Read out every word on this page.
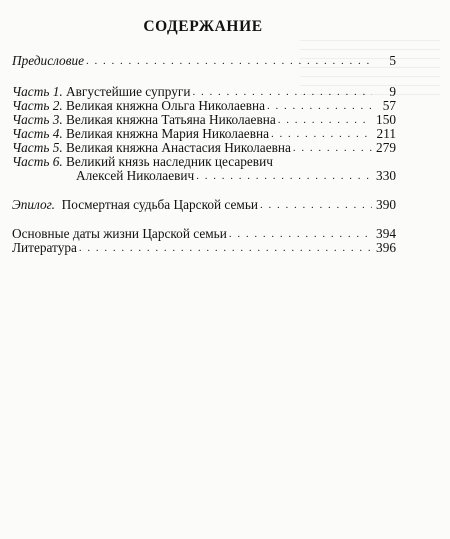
СОДЕРЖАНИЕ
Предисловие . . .	5
Часть 1. Августейшие супруги . . .	9
Часть 2. Великая княжна Ольга Николаевна . . .	57
Часть 3. Великая княжна Татьяна Николаевна . . .	150
Часть 4. Великая княжна Мария Николаевна . . .	211
Часть 5. Великая княжна Анастасия Николаевна . . .	279
Часть 6. Великий князь наследник цесаревич
Алексей Николаевич . . .	330
Эпилог. Посмертная судьба Царской семьи . . .	390
Основные даты жизни Царской семьи . . .	394
Литература . . .	396
